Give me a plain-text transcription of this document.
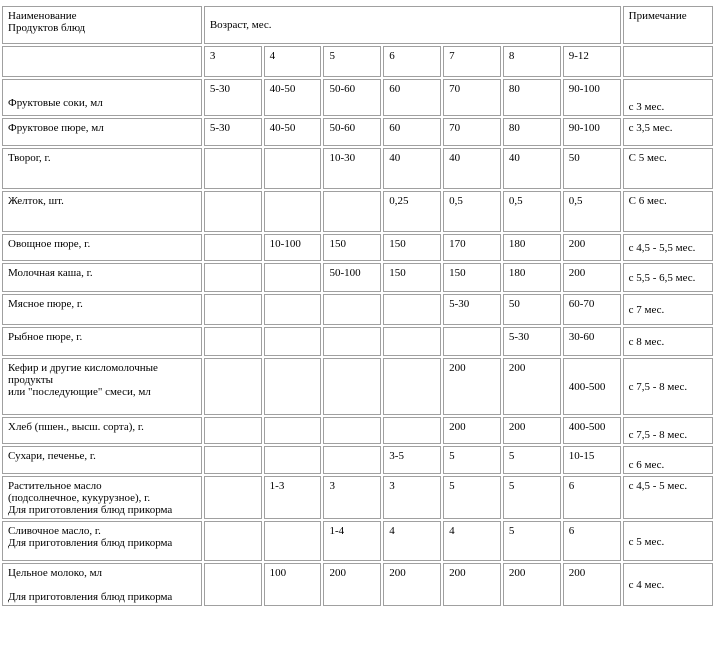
Наименование
Продуктов блюд	Возраст, мес.							Примечание
	3	4	5	6	7	8	9-12	

Фруктовые соки, мл	5-30	40-50	50-60	60	70	80	90-100	с 3 мес.

Фруктовое пюре, мл	5-30	40-50	50-60	60	70	80	90-100	с 3,5 мес.

Творог, г.			10-30	40	40	40	50	С 5 мес.

Желток, шт.				0,25	0,5	0,5	0,5	С 6 мес.

Овощное пюре, г.		10-100	150	150	170	180	200	с 4,5 - 5,5 мес.

Молочная каша, г.			50-100	150	150	180	200	с 5,5 - 6,5 мес.

Мясное пюре, г.					5-30	50	60-70	с 7 мес.

Рыбное пюре, г.						5-30	30-60	с 8 мес.

Кефир и другие кисломолочные
продукты
или "последующие" смеси, мл					200	200	400-500	с 7,5 - 8 мес.

Хлеб (пшен., высш. сорта), г.					200	200	400-500	с 7,5 - 8 мес.

Сухари, печенье, г.				3-5	5	5	10-15	с 6 мес.

Растительное масло
(подсолнечное, кукурузное), г.
Для приготовления блюд прикорма		1-3	3	3	5	5	6	с 4,5 - 5 мес.

Сливочное масло, г.
Для приготовления блюд прикорма			1-4	4	4	5	6	с 5 мес.

Цельное молоко, мл
Для приготовления блюд прикорма		100	200	200	200	200	200	с 4 мес.
